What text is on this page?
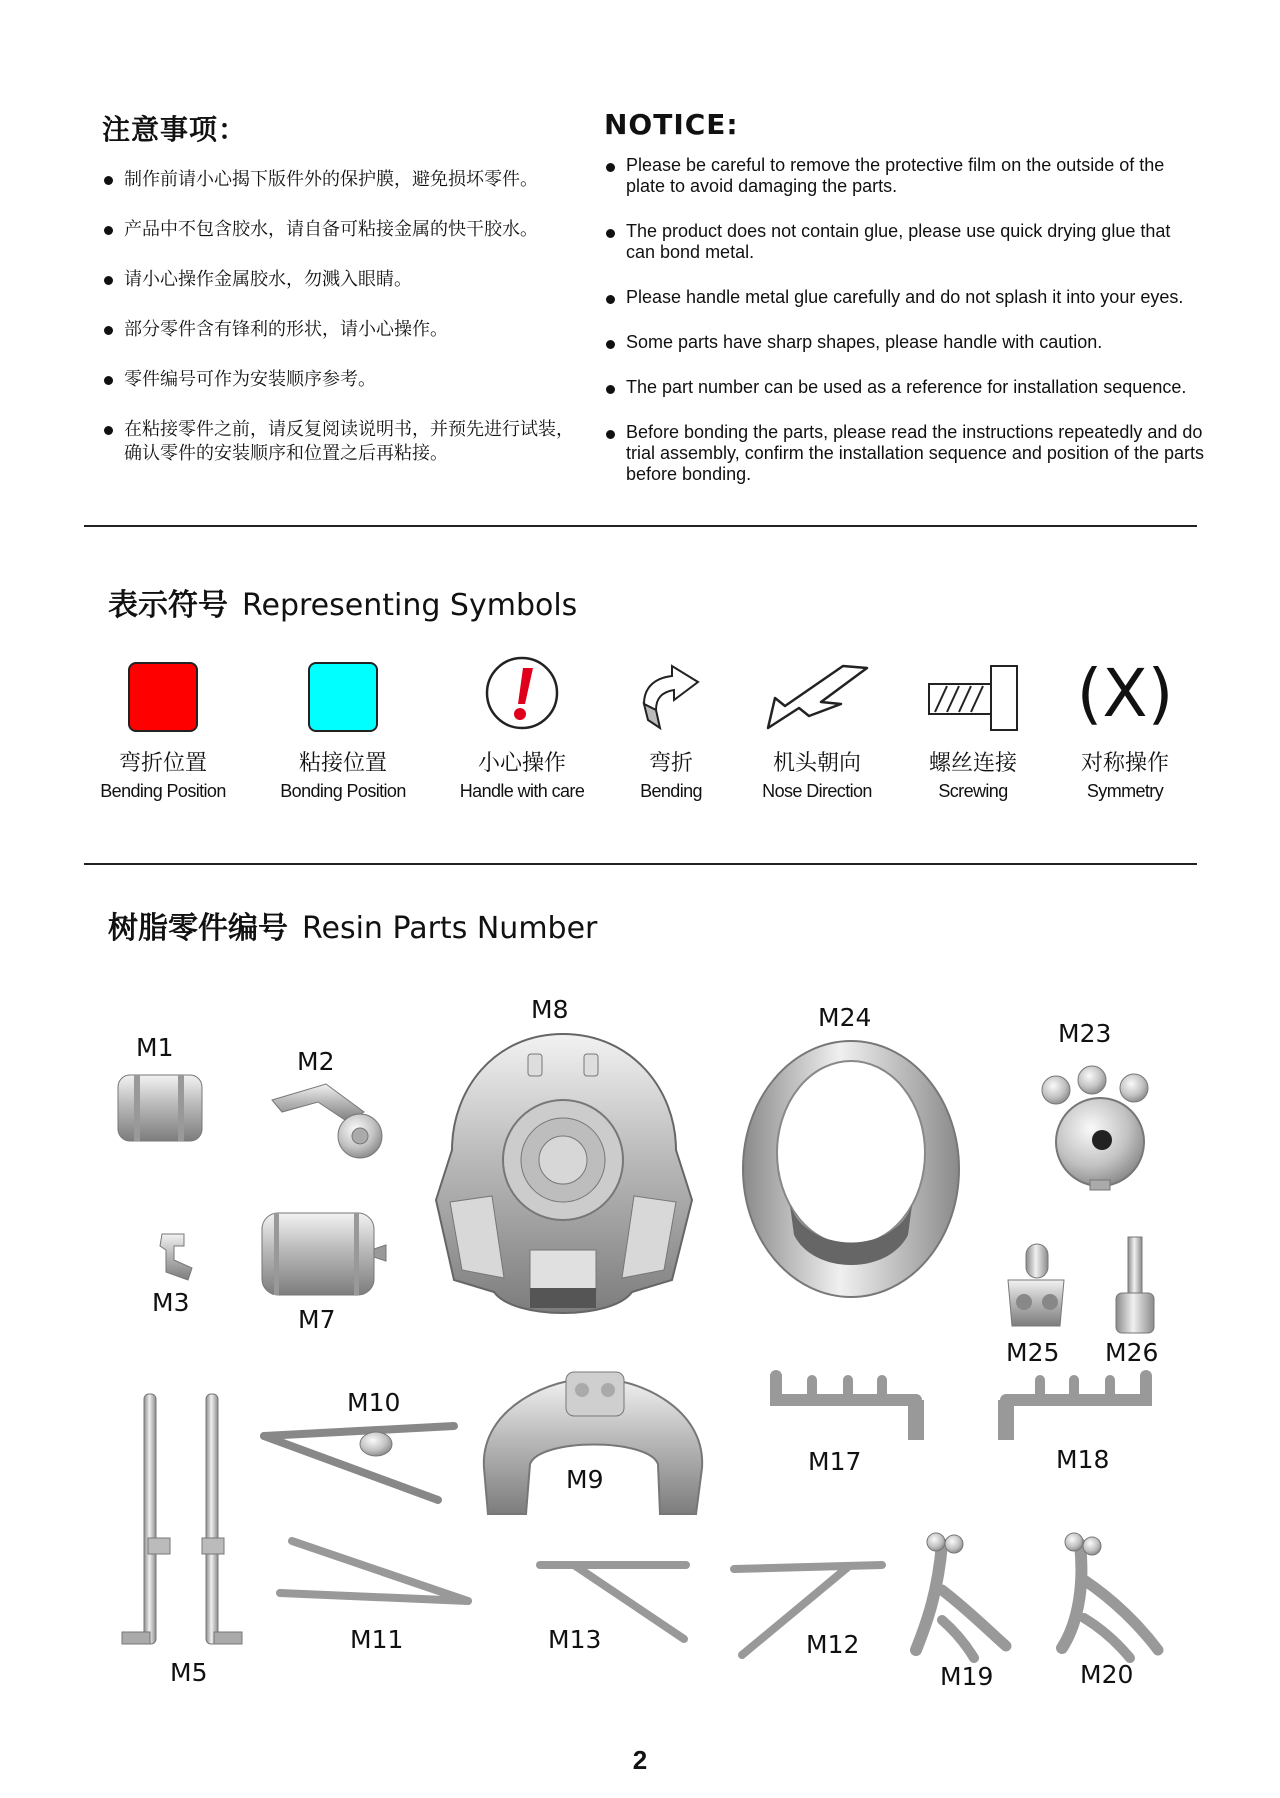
注意事项：	NOTICE:
制作前请小心揭下版件外的保护膜，避免损坏零件。
产品中不包含胶水，请自备可粘接金属的快干胶水。
请小心操作金属胶水，勿溅入眼睛。
部分零件含有锋利的形状，请小心操作。
零件编号可作为安装顺序参考。
在粘接零件之前，请反复阅读说明书，并预先进行试装，确认零件的安装顺序和位置之后再粘接。
Please be careful to remove the protective film on the outside of the plate to avoid damaging the parts.
The product does not contain glue, please use quick drying glue that can bond metal.
Please handle metal glue carefully and do not splash it into your eyes.
Some parts have sharp shapes, please handle with caution.
The part number can be used as a reference for installation sequence.
Before bonding the parts, please read the instructions repeatedly and do trial assembly, confirm the installation sequence and position of the parts before bonding.
表示符号 Representing Symbols
弯折位置
Bending Position
粘接位置
Bonding Position
小心操作
Handle with care
弯折
Bending
机头朝向
Nose Direction
螺丝连接
Screwing
(X)
对称操作
Symmetry
树脂零件编号 Resin Parts Number
M1	M2
M3
M7
M8	M24
M23
M25 M26
M10
M9
M17	M18
M5
M11	M13	M12
M19	M20
2
